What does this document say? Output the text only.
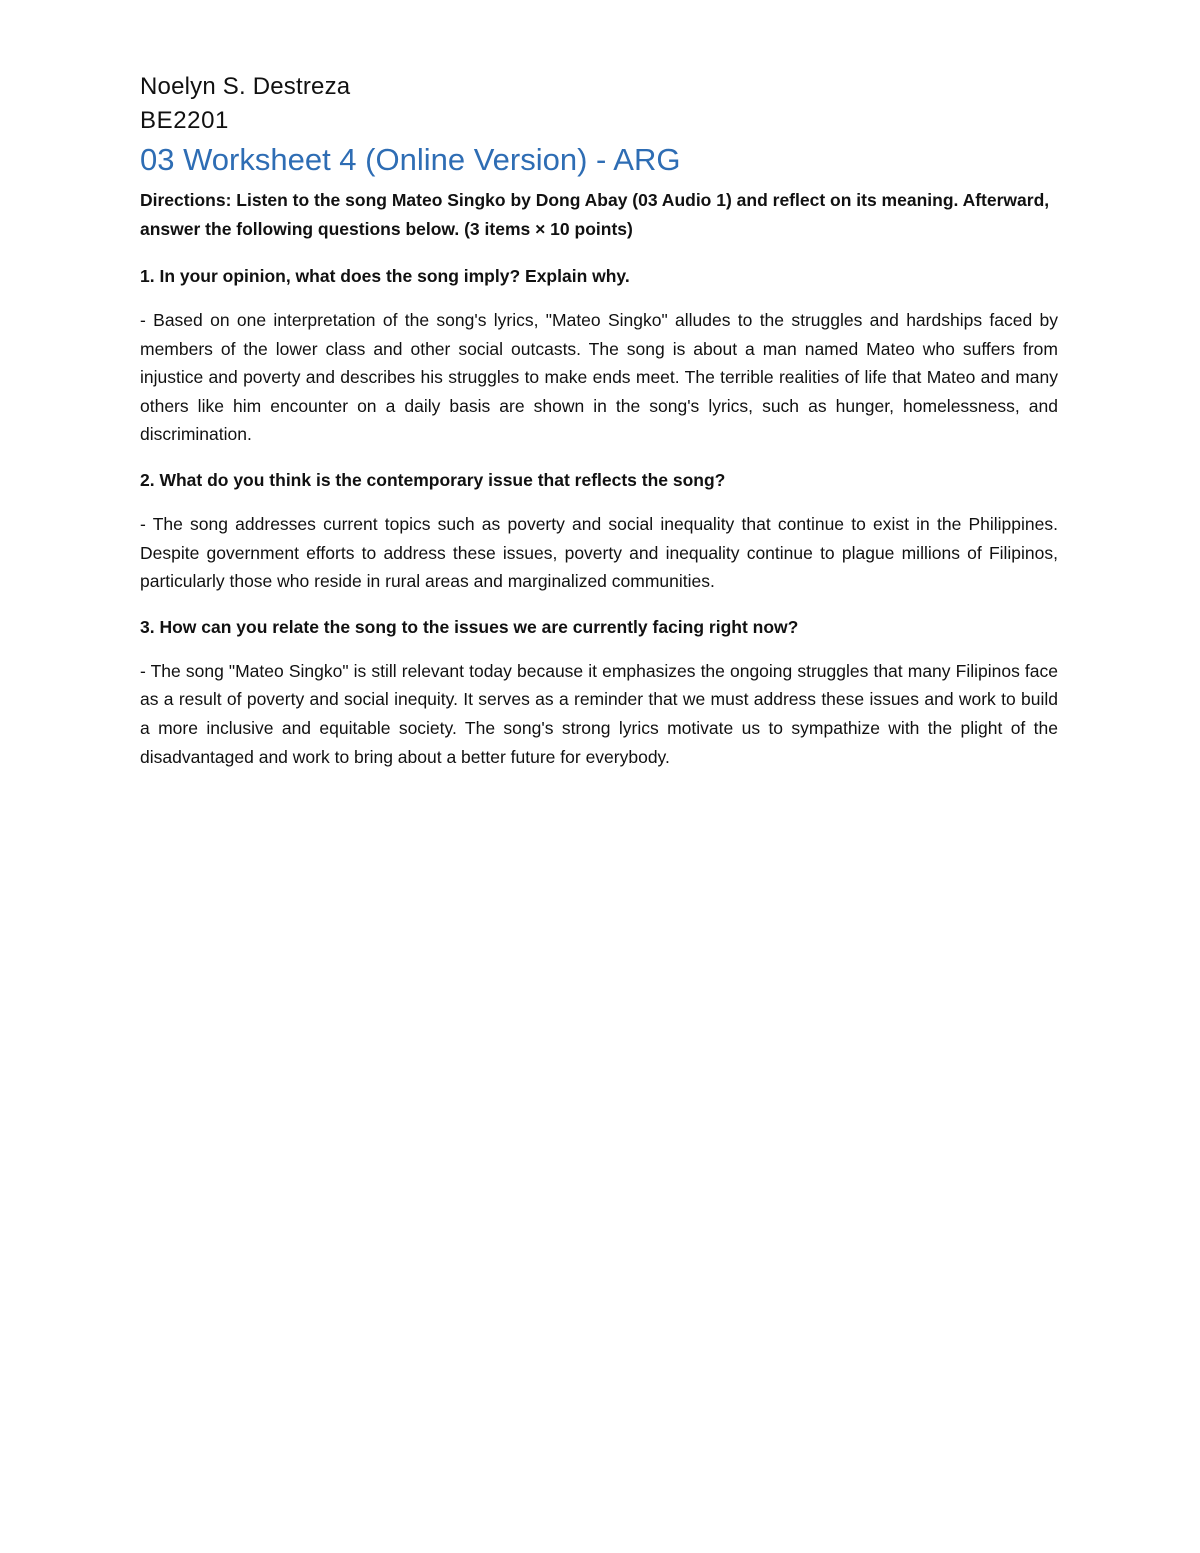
Noelyn S. Destreza

BE2201

03 Worksheet 4 (Online Version) - ARG

Directions: Listen to the song Mateo Singko by Dong Abay (03 Audio 1) and reflect on its meaning. Afterward, answer the following questions below. (3 items × 10 points)

1. In your opinion, what does the song imply? Explain why.

- Based on one interpretation of the song's lyrics, "Mateo Singko" alludes to the struggles and hardships faced by members of the lower class and other social outcasts. The song is about a man named Mateo who suffers from injustice and poverty and describes his struggles to make ends meet. The terrible realities of life that Mateo and many others like him encounter on a daily basis are shown in the song's lyrics, such as hunger, homelessness, and discrimination.

2. What do you think is the contemporary issue that reflects the song?

- The song addresses current topics such as poverty and social inequality that continue to exist in the Philippines. Despite government efforts to address these issues, poverty and inequality continue to plague millions of Filipinos, particularly those who reside in rural areas and marginalized communities.

3. How can you relate the song to the issues we are currently facing right now?

- The song "Mateo Singko" is still relevant today because it emphasizes the ongoing struggles that many Filipinos face as a result of poverty and social inequity. It serves as a reminder that we must address these issues and work to build a more inclusive and equitable society. The song's strong lyrics motivate us to sympathize with the plight of the disadvantaged and work to bring about a better future for everybody.
